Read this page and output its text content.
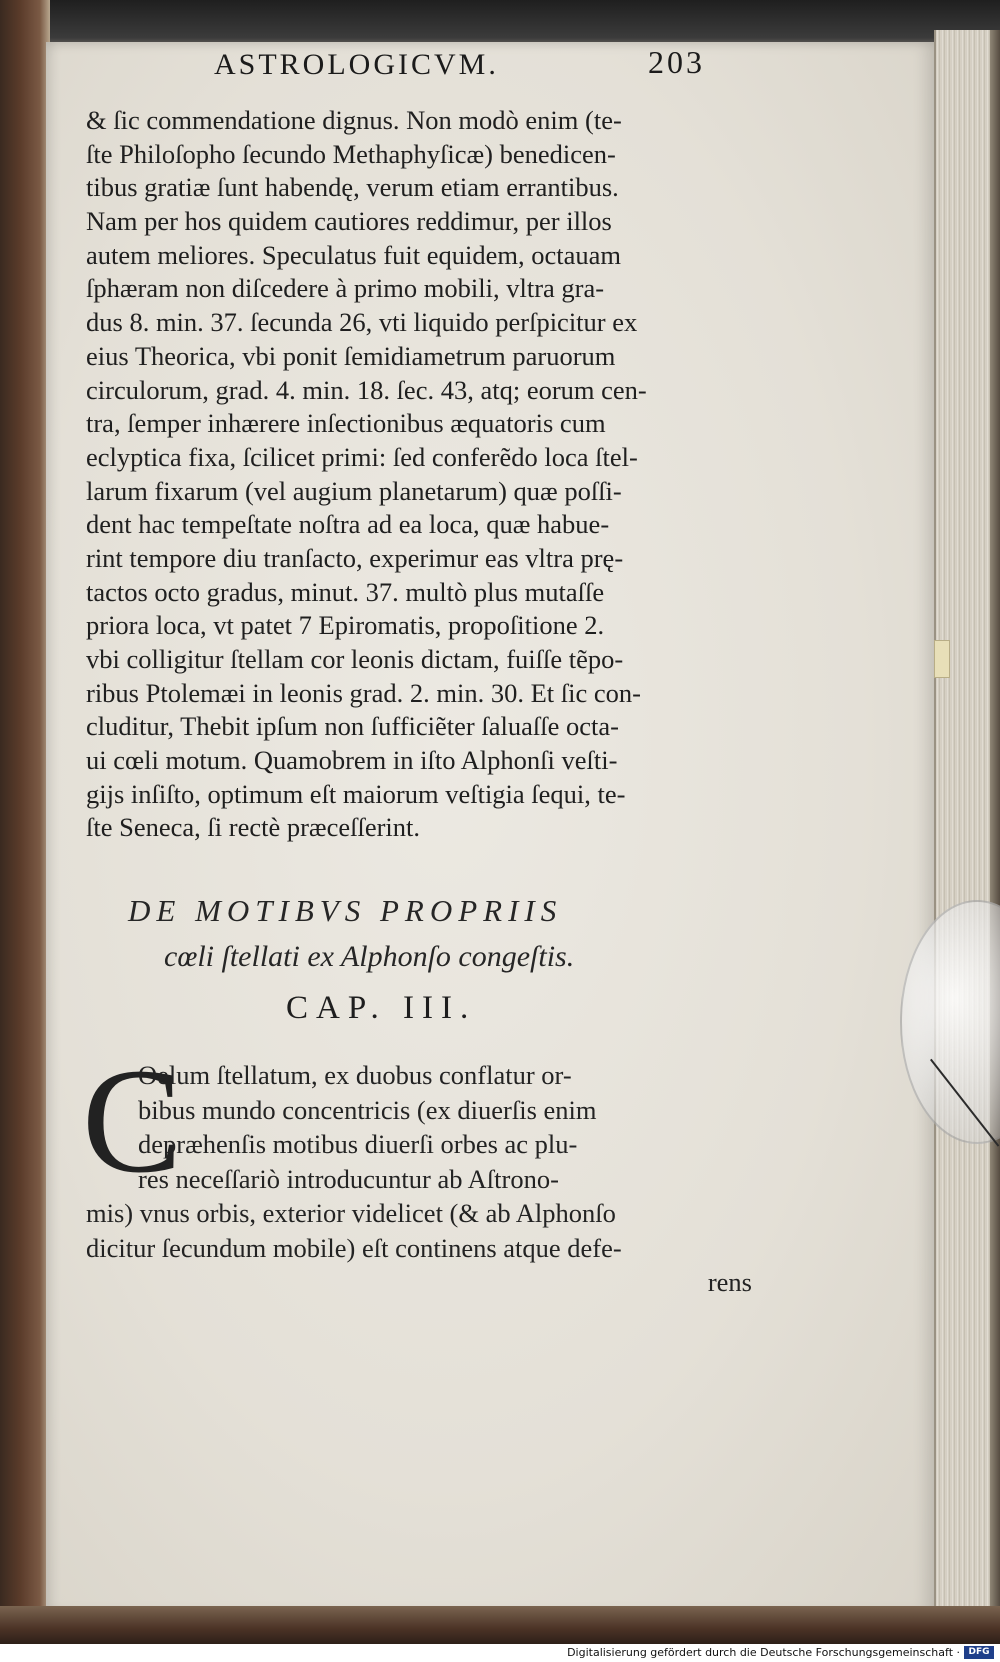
ASTROLOGICVM.	203
& ſic commendatione dignus. Non modò enim (te-
ſte Philoſopho ſecundo Methaphyſicæ) benedicen-
tibus gratiæ ſunt habendę, verum etiam errantibus.
Nam per hos quidem cautiores reddimur, per illos
autem meliores. Speculatus fuit equidem, octauam
ſphæram non diſcedere à primo mobili, vltra gra-
dus 8. min. 37. ſecunda 26, vti liquido perſpicitur ex
eius Theorica, vbi ponit ſemidiametrum paruorum
circulorum, grad. 4. min. 18. ſec. 43, atq; eorum cen-
tra, ſemper inhærere inſectionibus æquatoris cum
eclyptica fixa, ſcilicet primi: ſed conferẽdo loca ſtel-
larum fixarum (vel augium planetarum) quæ poſſi-
dent hac tempeſtate noſtra ad ea loca, quæ habue-
rint tempore diu tranſacto, experimur eas vltra prę-
tactos octo gradus, minut. 37. multò plus mutaſſe
priora loca, vt patet 7 Epiromatis, propoſitione 2.
vbi colligitur ſtellam cor leonis dictam, fuiſſe tẽpo-
ribus Ptolemæi in leonis grad. 2. min. 30. Et ſic con-
cluditur, Thebit ipſum non ſufficiẽter ſaluaſſe octa-
ui cœli motum. Quamobrem in iſto Alphonſi veſti-
gijs inſiſto, optimum eſt maiorum veſtigia ſequi, te-
ſte Seneca, ſi rectè præceſſerint.
DE MOTIBVS PROPRIIS
cœli ſtellati ex Alphonſo congeſtis.
CAP. III.
C
Oelum ſtellatum, ex duobus conflatur or-
bibus mundo concentricis (ex diuerſis enim
depræhenſis motibus diuerſi orbes ac plu-
res neceſſariò introducuntur ab Aſtrono-
mis) vnus orbis, exterior videlicet (& ab Alphonſo
dicitur ſecundum mobile) eſt continens atque defe-
rens
Digitalisierung gefördert durch die Deutsche Forschungsgemeinschaft · DFG
